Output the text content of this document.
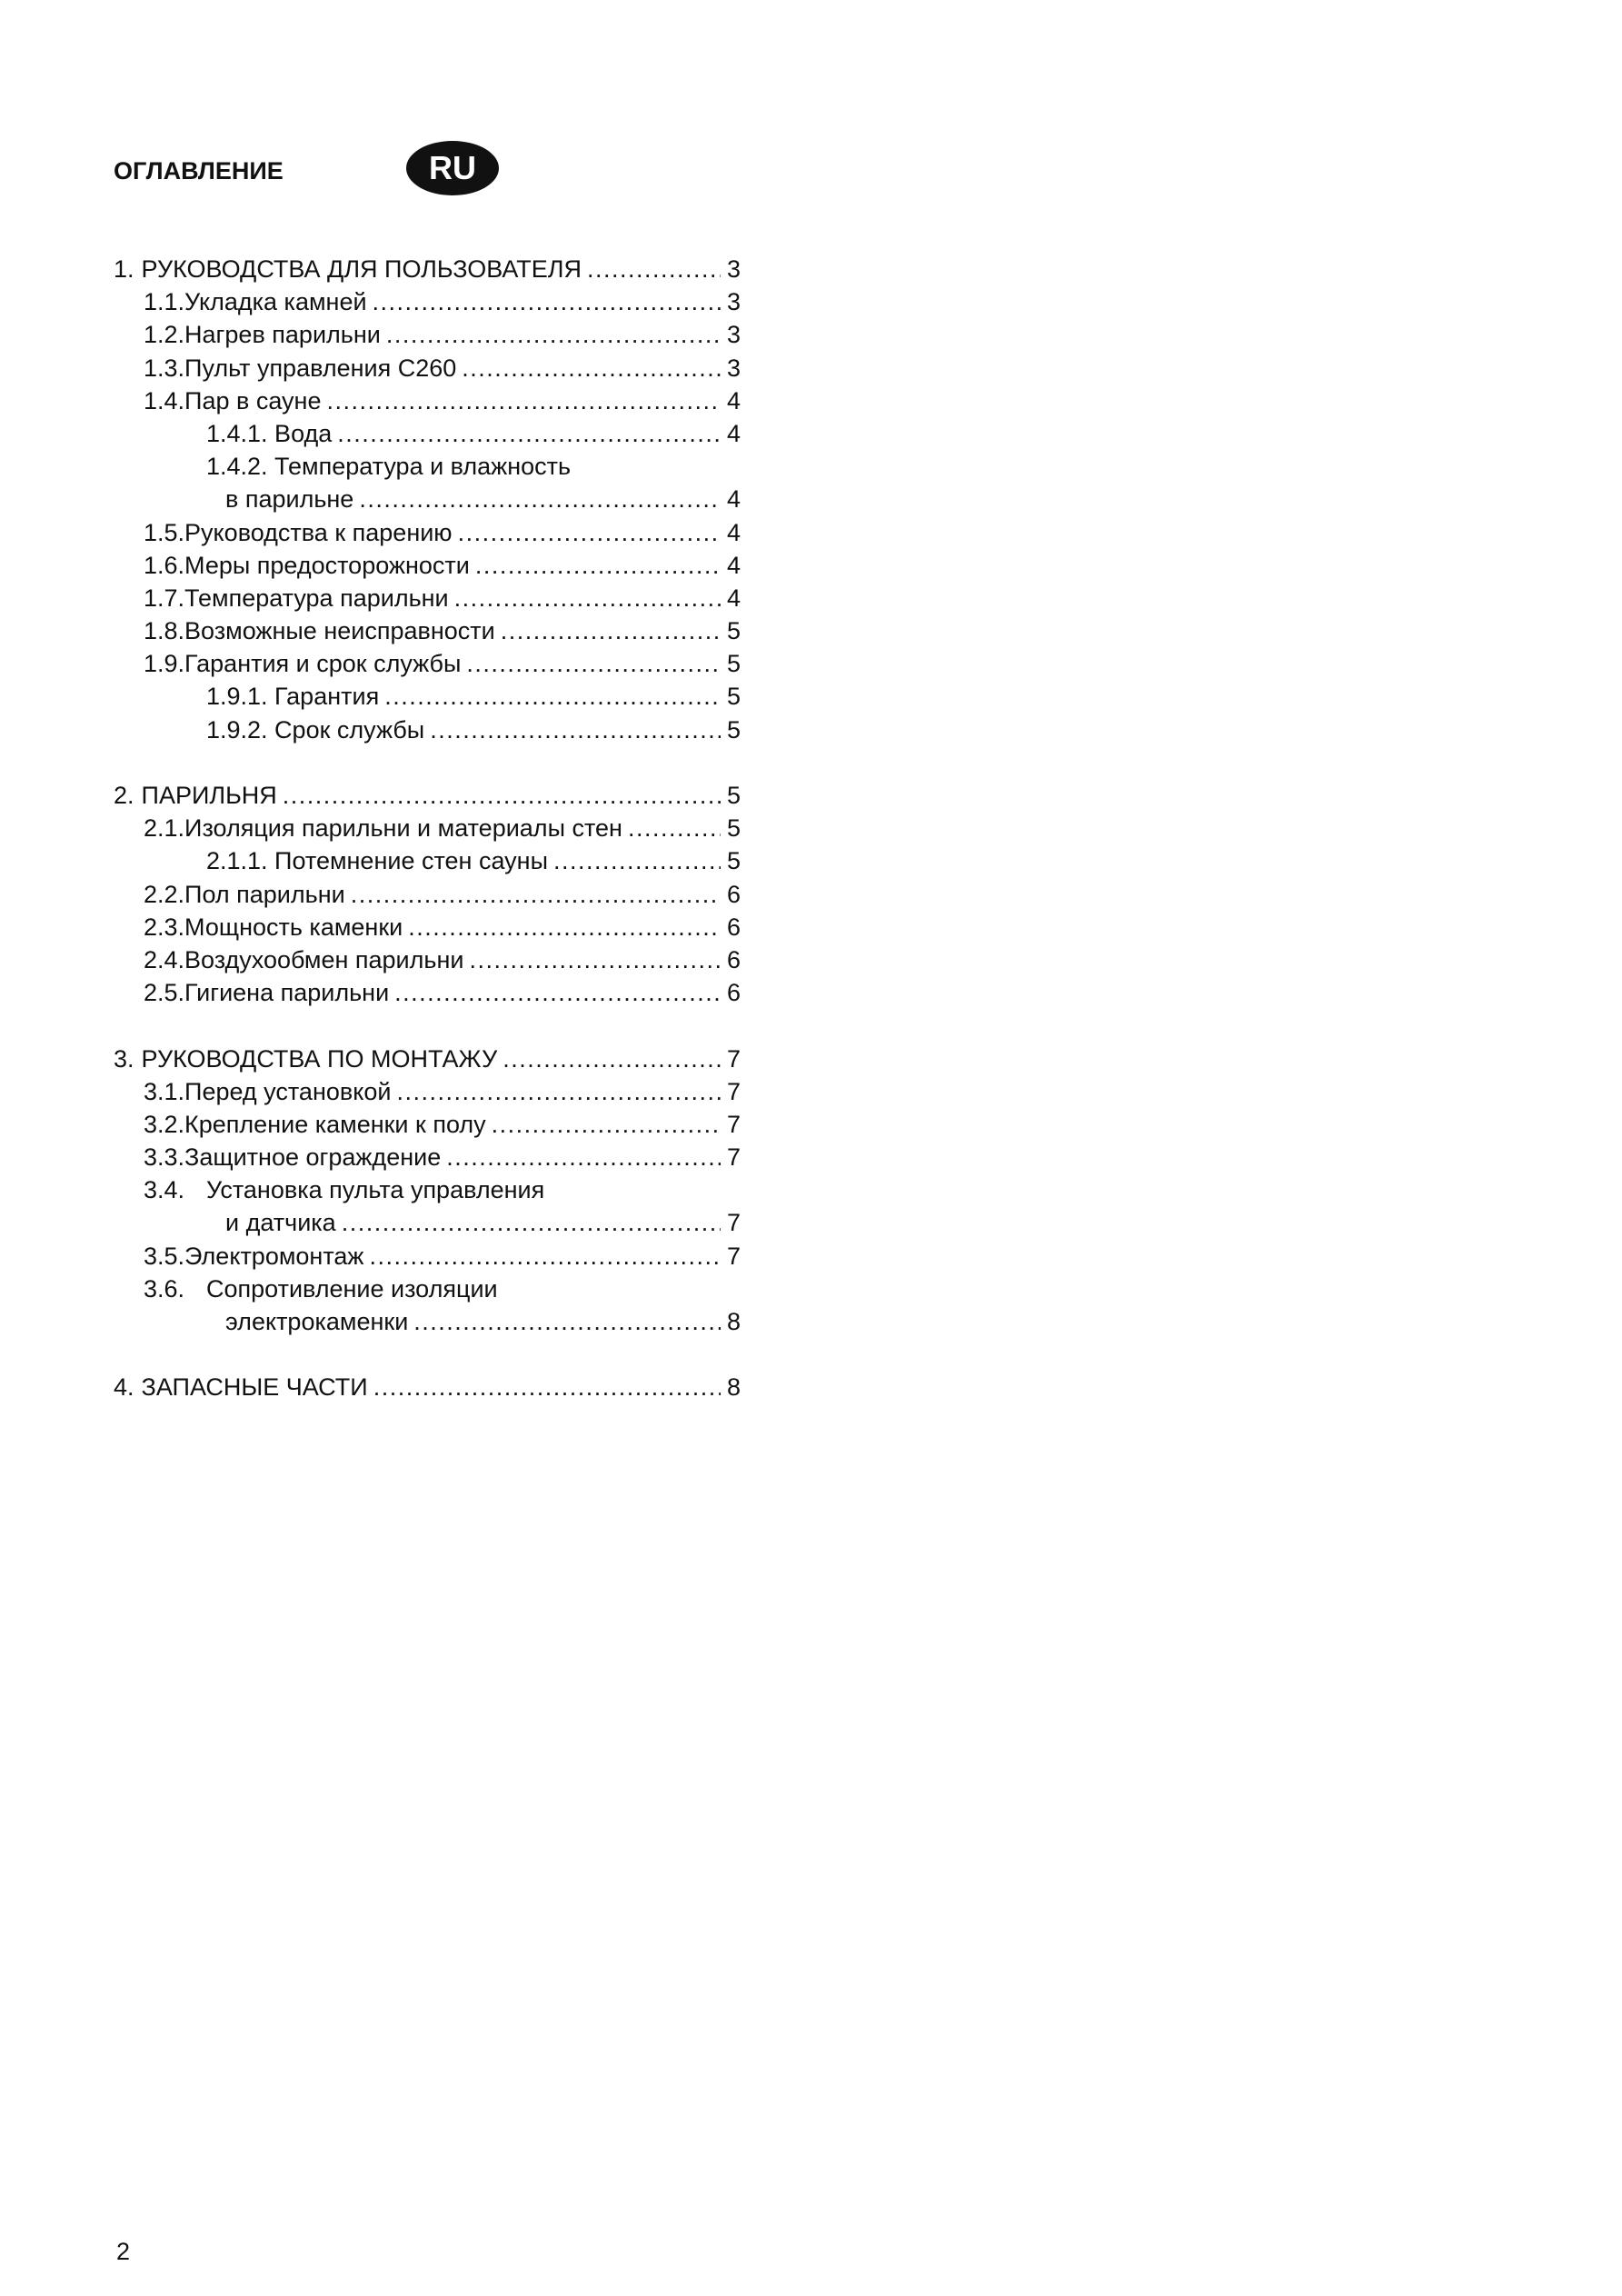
ОГЛАВЛЕНИЕ	RU
1. РУКОВОДСТВА ДЛЯ ПОЛЬЗОВАТЕЛЯ .....	3
1.1. Укладка камней .....	3
1.2. Нагрев парильни .....	3
1.3. Пульт управления C260 .....	3
1.4. Пар в сауне .....	4
1.4.1. Вода .....	4
1.4.2. Температура и влажность
в парильне .....	4
1.5. Руководства к парению .....	4
1.6. Меры предосторожности .....	4
1.7. Температура парильни .....	4
1.8. Возможные неисправности .....	5
1.9. Гарантия и срок службы .....	5
1.9.1. Гарантия .....	5
1.9.2. Срок службы .....	5
2. ПАРИЛЬНЯ .....	5
2.1. Изоляция парильни и материалы стен .....	5
2.1.1. Потемнение стен сауны .....	5
2.2. Пол парильни .....	6
2.3. Мощность каменки .....	6
2.4. Воздухообмен парильни .....	6
2.5. Гигиена парильни .....	6
3. РУКОВОДСТВА ПО МОНТАЖУ .....	7
3.1. Перед установкой .....	7
3.2. Крепление каменки к полу .....	7
3.3. Защитное ограждение .....	7
3.4. Установка пульта управления
и датчика .....	7
3.5. Электромонтаж .....	7
3.6. Сопротивление изоляции
электрокаменки .....	8
4. ЗАПАСНЫЕ ЧАСТИ .....	8
2
